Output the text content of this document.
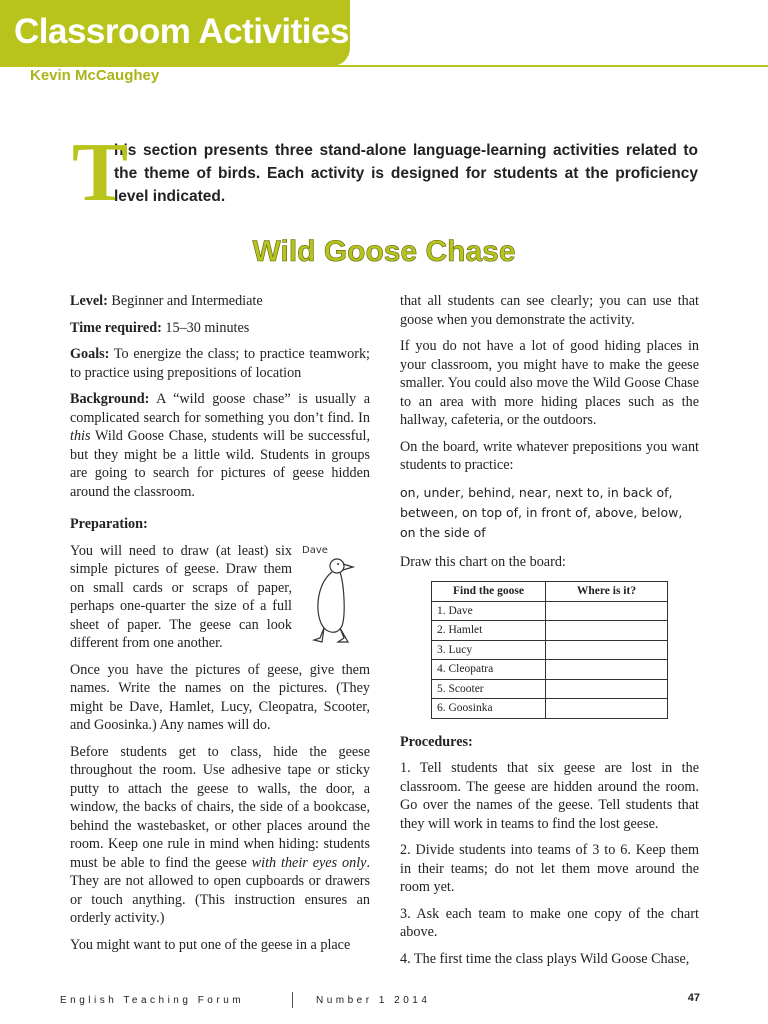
Classroom Activities
Kevin McCaughey
T
his section presents three stand-alone language-learning activities related to the theme of birds. Each activity is designed for students at the proficiency level indicated.
Wild Goose Chase

Level: Beginner and Intermediate

Time required: 15–30 minutes

Goals: To energize the class; to practice teamwork; to practice using prepositions of location

Background: A “wild goose chase” is usually a complicated search for something you don’t find. In this Wild Goose Chase, students will be successful, but they might be a little wild. Students in groups are going to search for pictures of geese hidden around the classroom.

Preparation:

You will need to draw (at least) six simple pictures of geese. Draw them on small cards or scraps of paper, perhaps one-quarter the size of a full sheet of paper. The geese can look different from one another.

Dave

Once you have the pictures of geese, give them names. Write the names on the pictures. (They might be Dave, Hamlet, Lucy, Cleopatra, Scooter, and Goosinka.) Any names will do.

Before students get to class, hide the geese throughout the room. Use adhesive tape or sticky putty to attach the geese to walls, the door, a window, the backs of chairs, the side of a bookcase, behind the wastebasket, or other places around the room. Keep one rule in mind when hiding: students must be able to find the geese with their eyes only. They are not allowed to open cupboards or drawers or touch anything. (This instruction ensures an orderly activity.)

You might want to put one of the geese in a place

that all students can see clearly; you can use that goose when you demonstrate the activity.

If you do not have a lot of good hiding places in your classroom, you might have to make the geese smaller. You could also move the Wild Goose Chase to an area with more hiding places such as the hallway, cafeteria, or the outdoors.

On the board, write whatever prepositions you want students to practice:

on, under, behind, near, next to, in back of, between, on top of, in front of, above, below, on the side of

Draw this chart on the board:

Find the goose	Where is it?
1. Dave	
2. Hamlet	
3. Lucy	
4. Cleopatra	
5. Scooter	
6. Goosinka	

Procedures:

1. Tell students that six geese are lost in the classroom. The geese are hidden around the room. Go over the names of the geese. Tell students that they will work in teams to find the lost geese.

2. Divide students into teams of 3 to 6. Keep them in their teams; do not let them move around the room yet.

3. Ask each team to make one copy of the chart above.

4. The first time the class plays Wild Goose Chase,

English Teaching Forum	Number 1 2014	47
